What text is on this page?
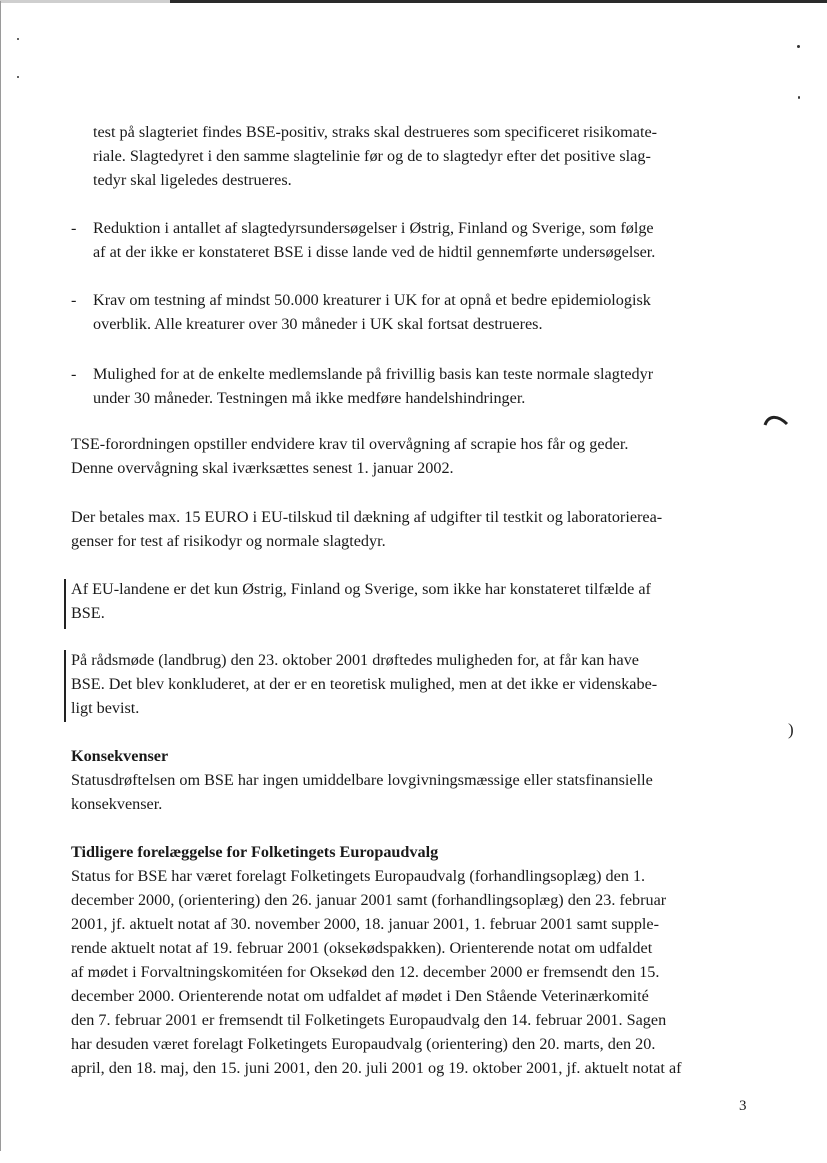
)

test på slagteriet findes BSE-positiv, straks skal destrueres som specificeret risikomate-
riale. Slagtedyret i den samme slagtelinie før og de to slagtedyr efter det positive slag-
tedyr skal ligeledes destrueres.

- Reduktion i antallet af slagtedyrsundersøgelser i Østrig, Finland og Sverige, som følge
af at der ikke er konstateret BSE i disse lande ved de hidtil gennemførte undersøgelser.

- Krav om testning af mindst 50.000 kreaturer i UK for at opnå et bedre epidemiologisk
overblik. Alle kreaturer over 30 måneder i UK skal fortsat destrueres.

- Mulighed for at de enkelte medlemslande på frivillig basis kan teste normale slagtedyr
under 30 måneder. Testningen må ikke medføre handelshindringer.

TSE-forordningen opstiller endvidere krav til overvågning af scrapie hos får og geder.
Denne overvågning skal iværksættes senest 1. januar 2002.

Der betales max. 15 EURO i EU-tilskud til dækning af udgifter til testkit og laboratorierea-
genser for test af risikodyr og normale slagtedyr.

Af EU-landene er det kun Østrig, Finland og Sverige, som ikke har konstateret tilfælde af
BSE.

På rådsmøde (landbrug) den 23. oktober 2001 drøftedes muligheden for, at får kan have
BSE. Det blev konkluderet, at der er en teoretisk mulighed, men at det ikke er videnskabe-
ligt bevist.

Konsekvenser

Statusdrøftelsen om BSE har ingen umiddelbare lovgivningsmæssige eller statsfinansielle
konsekvenser.

Tidligere forelæggelse for Folketingets Europaudvalg

Status for BSE har været forelagt Folketingets Europaudvalg (forhandlingsoplæg) den 1.
december 2000, (orientering) den 26. januar 2001 samt (forhandlingsoplæg) den 23. februar
2001, jf. aktuelt notat af 30. november 2000, 18. januar 2001, 1. februar 2001 samt supple-
rende aktuelt notat af 19. februar 2001 (oksekødspakken). Orienterende notat om udfaldet
af mødet i Forvaltningskomitéen for Oksekød den 12. december 2000 er fremsendt den 15.
december 2000. Orienterende notat om udfaldet af mødet i Den Stående Veterinærkomité
den 7. februar 2001 er fremsendt til Folketingets Europaudvalg den 14. februar 2001. Sagen
har desuden været forelagt Folketingets Europaudvalg (orientering) den 20. marts, den 20.
april, den 18. maj, den 15. juni 2001, den 20. juli 2001 og 19. oktober 2001, jf. aktuelt notat af

3
